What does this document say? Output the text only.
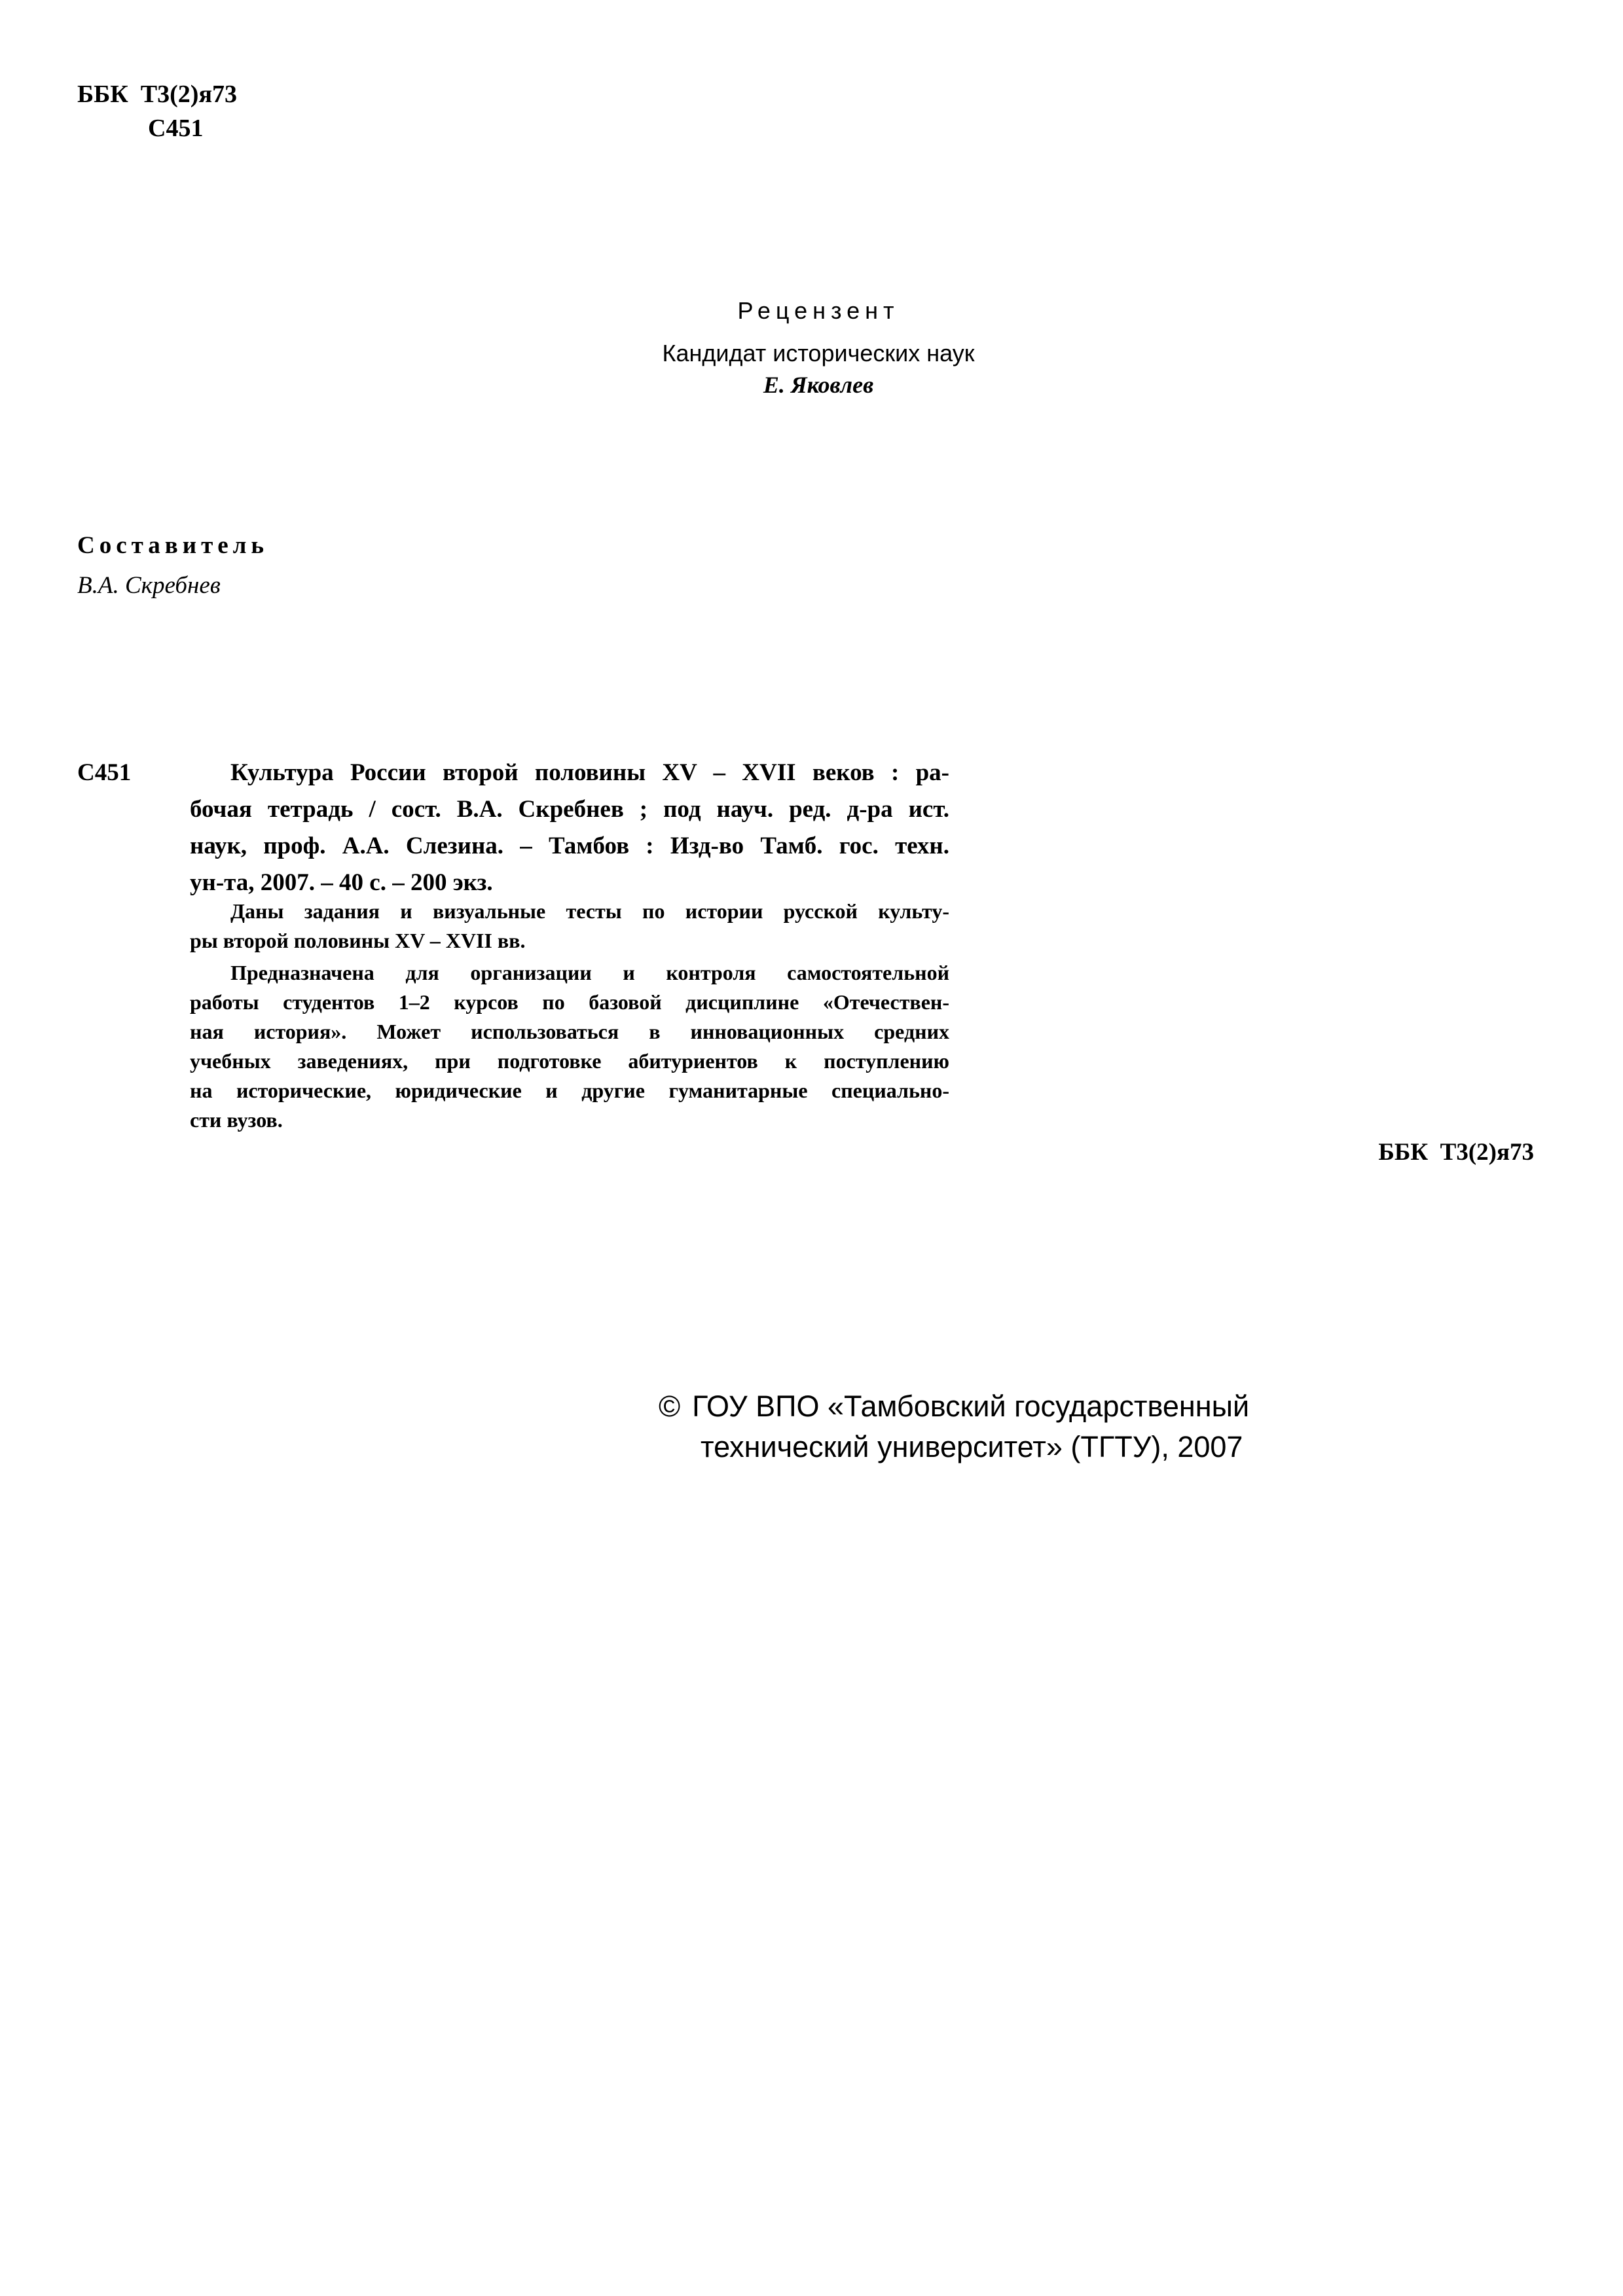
ББК  Т3(2)я73
С451
Рецензент
Кандидат исторических наук
Е. Яковлев
Составитель
В.А. Скребнев
С451	Культура России второй половины XV – XVII веков : ра-
бочая тетрадь / сост. В.А. Скребнев ; под науч. ред. д-ра ист.
наук, проф. А.А. Слезина. – Тамбов : Изд-во Тамб. гос. техн.
ун-та, 2007. – 40 с. – 200 экз.
Даны задания и визуальные тесты по истории русской культу-
ры второй половины XV – XVII вв.
Предназначена для организации и контроля самостоятельной
работы студентов 1–2 курсов по базовой дисциплине «Отечествен-
ная история». Может использоваться в инновационных средних
учебных заведениях, при подготовке абитуриентов к поступлению
на исторические, юридические и другие гуманитарные специально-
сти вузов.
ББК  Т3(2)я73
© ГОУ ВПО «Тамбовский государственный
технический университет» (ТГТУ), 2007
